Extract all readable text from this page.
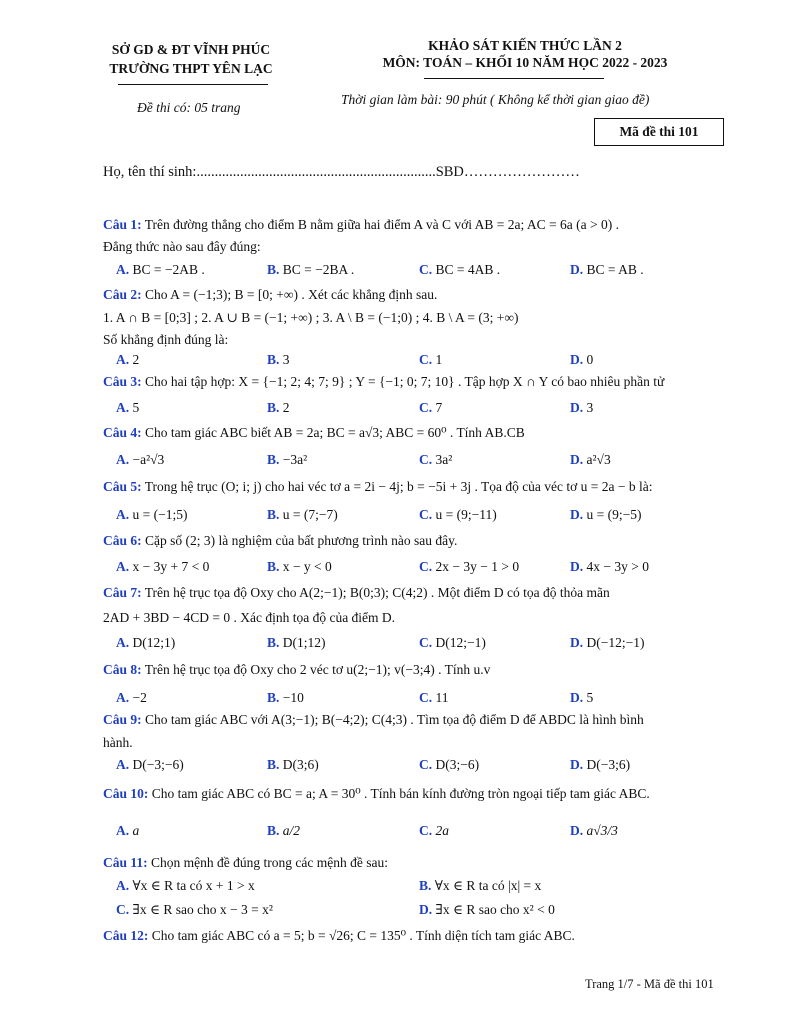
SỞ GD & ĐT VĨNH PHÚC
TRƯỜNG THPT YÊN LẠC
Đề thi có: 05 trang
KHẢO SÁT KIẾN THỨC LẦN 2
MÔN: TOÁN – KHỐI 10 NĂM HỌC 2022 - 2023
Thời gian làm bài: 90 phút ( Không kể thời gian giao đề)
Mã đề thi 101
Họ, tên thí sinh:..................................................................SBD……………………
Câu 1: Trên đường thẳng cho điểm B nằm giữa hai điểm A và C với AB = 2a; AC = 6a (a > 0) .
Đẳng thức nào sau đây đúng:
A. BC = −2AB .	B. BC = −2BA .	C. BC = 4AB .	D. BC = AB .
Câu 2: Cho A = (−1;3); B = [0; +∞) . Xét các khẳng định sau.
1. A ∩ B = [0;3] ; 2. A ∪ B = (−1; +∞) ; 3. A \ B = (−1;0) ; 4. B \ A = (3; +∞)
Số khẳng định đúng là:
A. 2	B. 3	C. 1	D. 0
Câu 3: Cho hai tập hợp: X = {−1; 2; 4; 7; 9} ; Y = {−1; 0; 7; 10} . Tập hợp X ∩ Y có bao nhiêu phần tử
A. 5	B. 2	C. 7	D. 3
Câu 4: Cho tam giác ABC biết AB = 2a; BC = a√3; ABC = 60⁰ . Tính AB.CB
A. −a²√3	B. −3a²	C. 3a²	D. a²√3
Câu 5: Trong hệ trục (O; i; j) cho hai véc tơ a = 2i − 4j; b = −5i + 3j . Tọa độ của véc tơ u = 2a − b là:
A. u = (−1;5)	B. u = (7;−7)	C. u = (9;−11)	D. u = (9;−5)
Câu 6: Cặp số (2; 3) là nghiệm của bất phương trình nào sau đây.
A. x − 3y + 7 < 0	B. x − y < 0	C. 2x − 3y − 1 > 0	D. 4x − 3y > 0
Câu 7: Trên hệ trục tọa độ Oxy cho A(2;−1); B(0;3); C(4;2) . Một điểm D có tọa độ thỏa mãn
2AD + 3BD − 4CD = 0 . Xác định tọa độ của điểm D.
A. D(12;1)	B. D(1;12)	C. D(12;−1)	D. D(−12;−1)
Câu 8: Trên hệ trục tọa độ Oxy cho 2 véc tơ u(2;−1); v(−3;4) . Tính u.v
A. −2	B. −10	C. 11	D. 5
Câu 9: Cho tam giác ABC với A(3;−1); B(−4;2); C(4;3) . Tìm tọa độ điểm D để ABDC là hình bình
hành.
A. D(−3;−6)	B. D(3;6)	C. D(3;−6)	D. D(−3;6)
Câu 10: Cho tam giác ABC có BC = a; A = 30⁰ . Tính bán kính đường tròn ngoại tiếp tam giác ABC.
A. a	B. a/2	C. 2a	D. a√3/3
Câu 11: Chọn mệnh đề đúng trong các mệnh đề sau:
A. ∀x ∈ R ta có x + 1 > x	B. ∀x ∈ R ta có |x| = x
C. ∃x ∈ R sao cho x − 3 = x²	D. ∃x ∈ R sao cho x² < 0
Câu 12: Cho tam giác ABC có a = 5; b = √26; C = 135⁰ . Tính diện tích tam giác ABC.
Trang 1/7 - Mã đề thi 101
